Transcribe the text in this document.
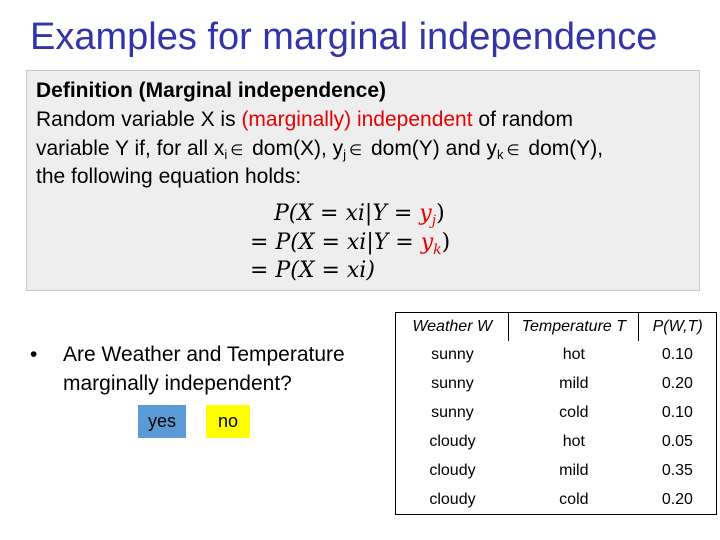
Examples for marginal independence
Definition (Marginal independence)
Random variable X is (marginally) independent of random
variable Y if, for all $x_i$ ∈ dom(X), $y_j$ ∈ dom(Y) and $y_k$ ∈ dom(Y),
the following equation holds:
$P(X = xi|Y = y_j)$
= $P(X = xi|Y = y_k)$
= P(X = xi)
• Are Weather and Temperature
marginally independent?
yes	no
Weather W	Temperature T	P(W,T)
sunny	hot	0.10
sunny	mild	0.20
sunny	cold	0.10
cloudy	hot	0.05
cloudy	mild	0.35
cloudy	cold	0.20
